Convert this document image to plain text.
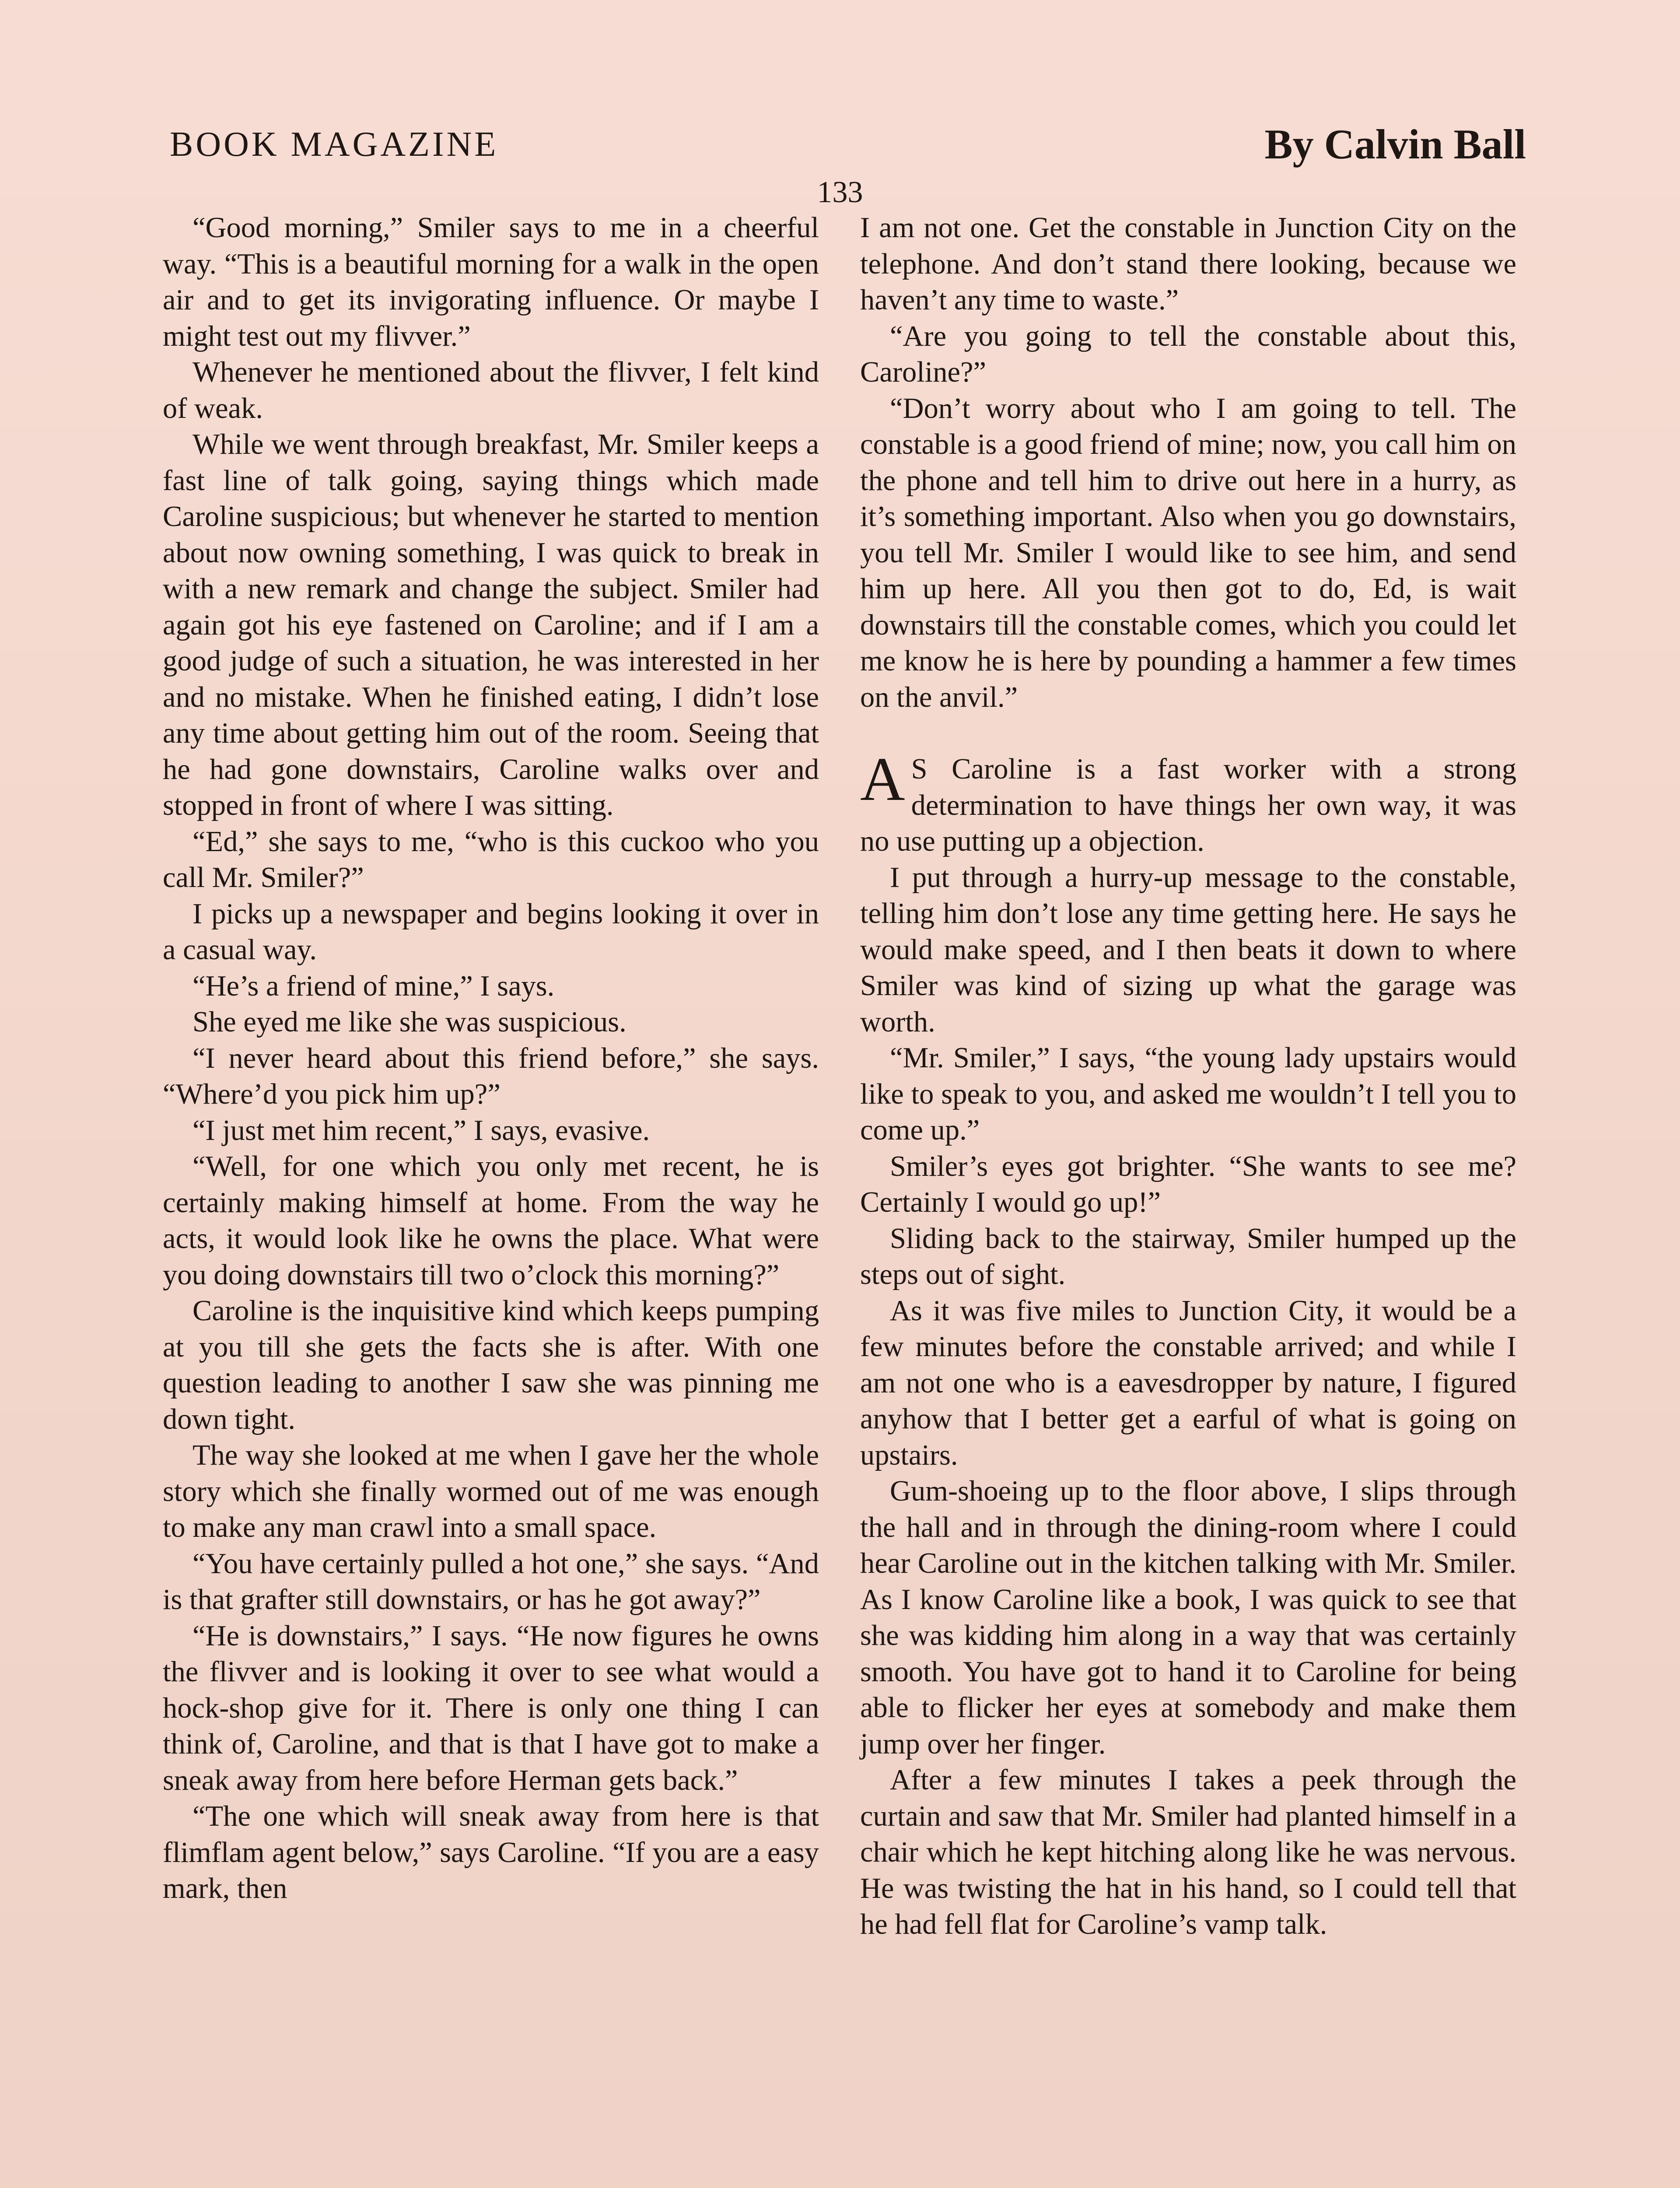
BOOK MAGAZINE	By Calvin Ball
133

“Good morning,” Smiler says to me in a cheerful way. “This is a beautiful morning for a walk in the open air and to get its invigorating influence. Or maybe I might test out my flivver.”

Whenever he mentioned about the flivver, I felt kind of weak.

While we went through breakfast, Mr. Smiler keeps a fast line of talk going, saying things which made Caroline suspicious; but whenever he started to mention about now owning something, I was quick to break in with a new remark and change the subject. Smiler had again got his eye fastened on Caroline; and if I am a good judge of such a situation, he was interested in her and no mistake. When he finished eating, I didn’t lose any time about getting him out of the room. Seeing that he had gone downstairs, Caroline walks over and stopped in front of where I was sitting.

“Ed,” she says to me, “who is this cuckoo who you call Mr. Smiler?”

I picks up a newspaper and begins looking it over in a casual way.

“He’s a friend of mine,” I says.

She eyed me like she was suspicious.

“I never heard about this friend before,” she says. “Where’d you pick him up?”

“I just met him recent,” I says, evasive.

“Well, for one which you only met recent, he is certainly making himself at home. From the way he acts, it would look like he owns the place. What were you doing downstairs till two o’clock this morning?”

Caroline is the inquisitive kind which keeps pumping at you till she gets the facts she is after. With one question leading to another I saw she was pinning me down tight.

The way she looked at me when I gave her the whole story which she finally wormed out of me was enough to make any man crawl into a small space.

“You have certainly pulled a hot one,” she says. “And is that grafter still downstairs, or has he got away?”

“He is downstairs,” I says. “He now figures he owns the flivver and is looking it over to see what would a hock-shop give for it. There is only one thing I can think of, Caroline, and that is that I have got to make a sneak away from here before Herman gets back.”

“The one which will sneak away from here is that flimflam agent below,” says Caroline. “If you are a easy mark, then

I am not one. Get the constable in Junction City on the telephone. And don’t stand there looking, because we haven’t any time to waste.”

“Are you going to tell the constable about this, Caroline?”

“Don’t worry about who I am going to tell. The constable is a good friend of mine; now, you call him on the phone and tell him to drive out here in a hurry, as it’s something important. Also when you go downstairs, you tell Mr. Smiler I would like to see him, and send him up here. All you then got to do, Ed, is wait downstairs till the constable comes, which you could let me know he is here by pounding a hammer a few times on the anvil.”

A S Caroline is a fast worker with a strong determination to have things her own way, it was no use putting up a objection.

I put through a hurry-up message to the constable, telling him don’t lose any time getting here. He says he would make speed, and I then beats it down to where Smiler was kind of sizing up what the garage was worth.

“Mr. Smiler,” I says, “the young lady upstairs would like to speak to you, and asked me wouldn’t I tell you to come up.”

Smiler’s eyes got brighter. “She wants to see me? Certainly I would go up!”

Sliding back to the stairway, Smiler humped up the steps out of sight.

As it was five miles to Junction City, it would be a few minutes before the constable arrived; and while I am not one who is a eavesdropper by nature, I figured anyhow that I better get a earful of what is going on upstairs.

Gum-shoeing up to the floor above, I slips through the hall and in through the dining-room where I could hear Caroline out in the kitchen talking with Mr. Smiler. As I know Caroline like a book, I was quick to see that she was kidding him along in a way that was certainly smooth. You have got to hand it to Caroline for being able to flicker her eyes at somebody and make them jump over her finger.

After a few minutes I takes a peek through the curtain and saw that Mr. Smiler had planted himself in a chair which he kept hitching along like he was nervous. He was twisting the hat in his hand, so I could tell that he had fell flat for Caroline’s vamp talk.
